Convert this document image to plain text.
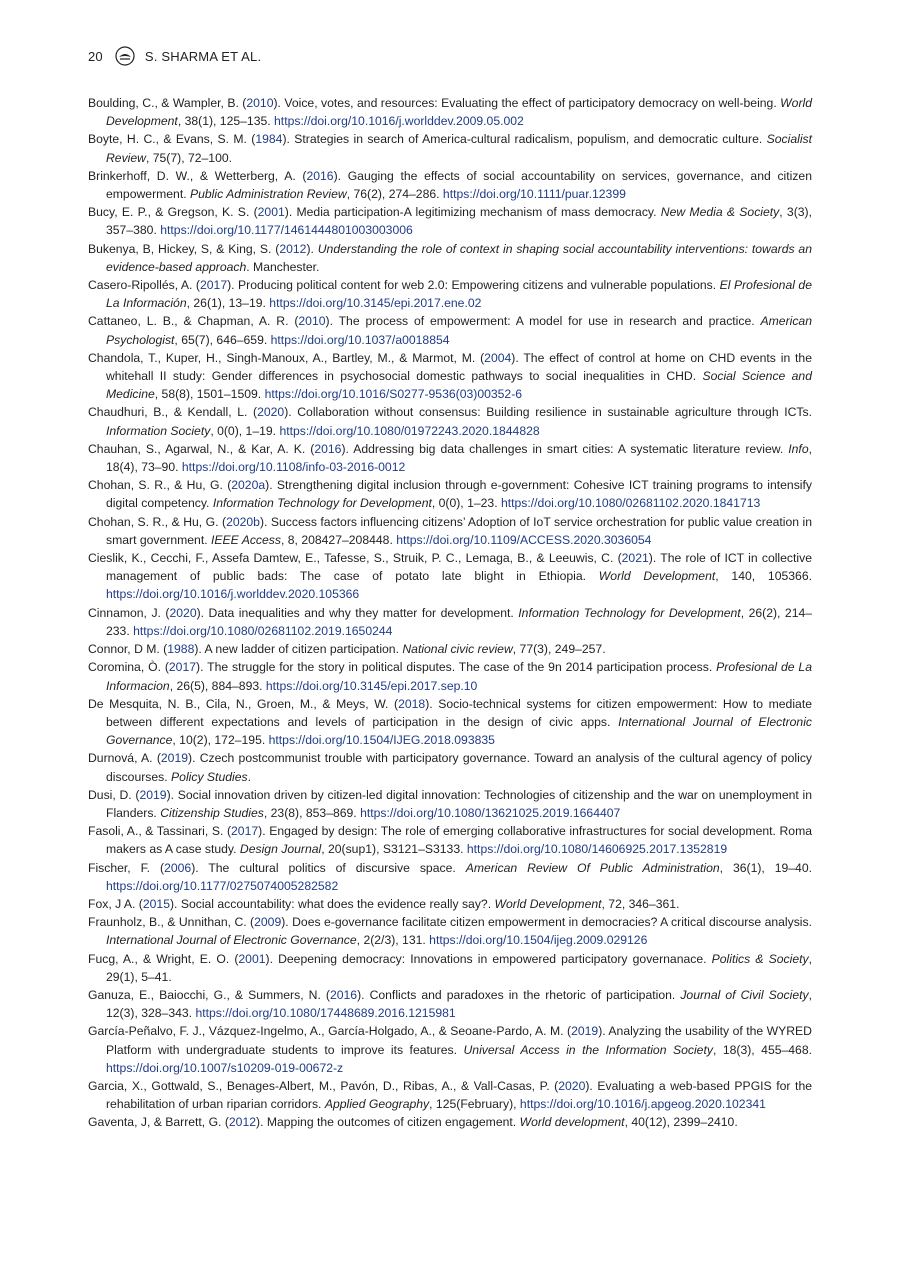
20	S. SHARMA ET AL.

Boulding, C., & Wampler, B. (2010). Voice, votes, and resources: Evaluating the effect of participatory democracy on well-being. World Development, 38(1), 125–135. https://doi.org/10.1016/j.worlddev.2009.05.002

Boyte, H. C., & Evans, S. M. (1984). Strategies in search of America-cultural radicalism, populism, and democratic culture. Socialist Review, 75(7), 72–100.

Brinkerhoff, D. W., & Wetterberg, A. (2016). Gauging the effects of social accountability on services, governance, and citizen empowerment. Public Administration Review, 76(2), 274–286. https://doi.org/10.1111/puar.12399

Bucy, E. P., & Gregson, K. S. (2001). Media participation-A legitimizing mechanism of mass democracy. New Media & Society, 3(3), 357–380. https://doi.org/10.1177/1461444801003003006

Bukenya, B, Hickey, S, & King, S. (2012). Understanding the role of context in shaping social accountability interventions: towards an evidence-based approach. Manchester.

Casero-Ripollés, A. (2017). Producing political content for web 2.0: Empowering citizens and vulnerable populations. El Profesional de La Información, 26(1), 13–19. https://doi.org/10.3145/epi.2017.ene.02

Cattaneo, L. B., & Chapman, A. R. (2010). The process of empowerment: A model for use in research and practice. American Psychologist, 65(7), 646–659. https://doi.org/10.1037/a0018854

Chandola, T., Kuper, H., Singh-Manoux, A., Bartley, M., & Marmot, M. (2004). The effect of control at home on CHD events in the whitehall II study: Gender differences in psychosocial domestic pathways to social inequalities in CHD. Social Science and Medicine, 58(8), 1501–1509. https://doi.org/10.1016/S0277-9536(03)00352-6

Chaudhuri, B., & Kendall, L. (2020). Collaboration without consensus: Building resilience in sustainable agriculture through ICTs. Information Society, 0(0), 1–19. https://doi.org/10.1080/01972243.2020.1844828

Chauhan, S., Agarwal, N., & Kar, A. K. (2016). Addressing big data challenges in smart cities: A systematic literature review. Info, 18(4), 73–90. https://doi.org/10.1108/info-03-2016-0012

Chohan, S. R., & Hu, G. (2020a). Strengthening digital inclusion through e-government: Cohesive ICT training programs to intensify digital competency. Information Technology for Development, 0(0), 1–23. https://doi.org/10.1080/02681102.2020.1841713

Chohan, S. R., & Hu, G. (2020b). Success factors influencing citizens’ Adoption of IoT service orchestration for public value creation in smart government. IEEE Access, 8, 208427–208448. https://doi.org/10.1109/ACCESS.2020.3036054

Cieslik, K., Cecchi, F., Assefa Damtew, E., Tafesse, S., Struik, P. C., Lemaga, B., & Leeuwis, C. (2021). The role of ICT in collective management of public bads: The case of potato late blight in Ethiopia. World Development, 140, 105366. https://doi.org/10.1016/j.worlddev.2020.105366

Cinnamon, J. (2020). Data inequalities and why they matter for development. Information Technology for Development, 26(2), 214–233. https://doi.org/10.1080/02681102.2019.1650244

Connor, D M. (1988). A new ladder of citizen participation. National civic review, 77(3), 249–257.

Coromina, Ò. (2017). The struggle for the story in political disputes. The case of the 9n 2014 participation process. Profesional de La Informacion, 26(5), 884–893. https://doi.org/10.3145/epi.2017.sep.10

De Mesquita, N. B., Cila, N., Groen, M., & Meys, W. (2018). Socio-technical systems for citizen empowerment: How to mediate between different expectations and levels of participation in the design of civic apps. International Journal of Electronic Governance, 10(2), 172–195. https://doi.org/10.1504/IJEG.2018.093835

Durnová, A. (2019). Czech postcommunist trouble with participatory governance. Toward an analysis of the cultural agency of policy discourses. Policy Studies.

Dusi, D. (2019). Social innovation driven by citizen-led digital innovation: Technologies of citizenship and the war on unemployment in Flanders. Citizenship Studies, 23(8), 853–869. https://doi.org/10.1080/13621025.2019.1664407

Fasoli, A., & Tassinari, S. (2017). Engaged by design: The role of emerging collaborative infrastructures for social development. Roma makers as A case study. Design Journal, 20(sup1), S3121–S3133. https://doi.org/10.1080/14606925.2017.1352819

Fischer, F. (2006). The cultural politics of discursive space. American Review Of Public Administration, 36(1), 19–40. https://doi.org/10.1177/0275074005282582

Fox, J A. (2015). Social accountability: what does the evidence really say?. World Development, 72, 346–361.

Fraunholz, B., & Unnithan, C. (2009). Does e-governance facilitate citizen empowerment in democracies? A critical discourse analysis. International Journal of Electronic Governance, 2(2/3), 131. https://doi.org/10.1504/ijeg.2009.029126

Fucg, A., & Wright, E. O. (2001). Deepening democracy: Innovations in empowered participatory governanace. Politics & Society, 29(1), 5–41.

Ganuza, E., Baiocchi, G., & Summers, N. (2016). Conflicts and paradoxes in the rhetoric of participation. Journal of Civil Society, 12(3), 328–343. https://doi.org/10.1080/17448689.2016.1215981

García-Peñalvo, F. J., Vázquez-Ingelmo, A., García-Holgado, A., & Seoane-Pardo, A. M. (2019). Analyzing the usability of the WYRED Platform with undergraduate students to improve its features. Universal Access in the Information Society, 18(3), 455–468. https://doi.org/10.1007/s10209-019-00672-z

Garcia, X., Gottwald, S., Benages-Albert, M., Pavón, D., Ribas, A., & Vall-Casas, P. (2020). Evaluating a web-based PPGIS for the rehabilitation of urban riparian corridors. Applied Geography, 125(February), https://doi.org/10.1016/j.apgeog.2020.102341

Gaventa, J, & Barrett, G. (2012). Mapping the outcomes of citizen engagement. World development, 40(12), 2399–2410.
